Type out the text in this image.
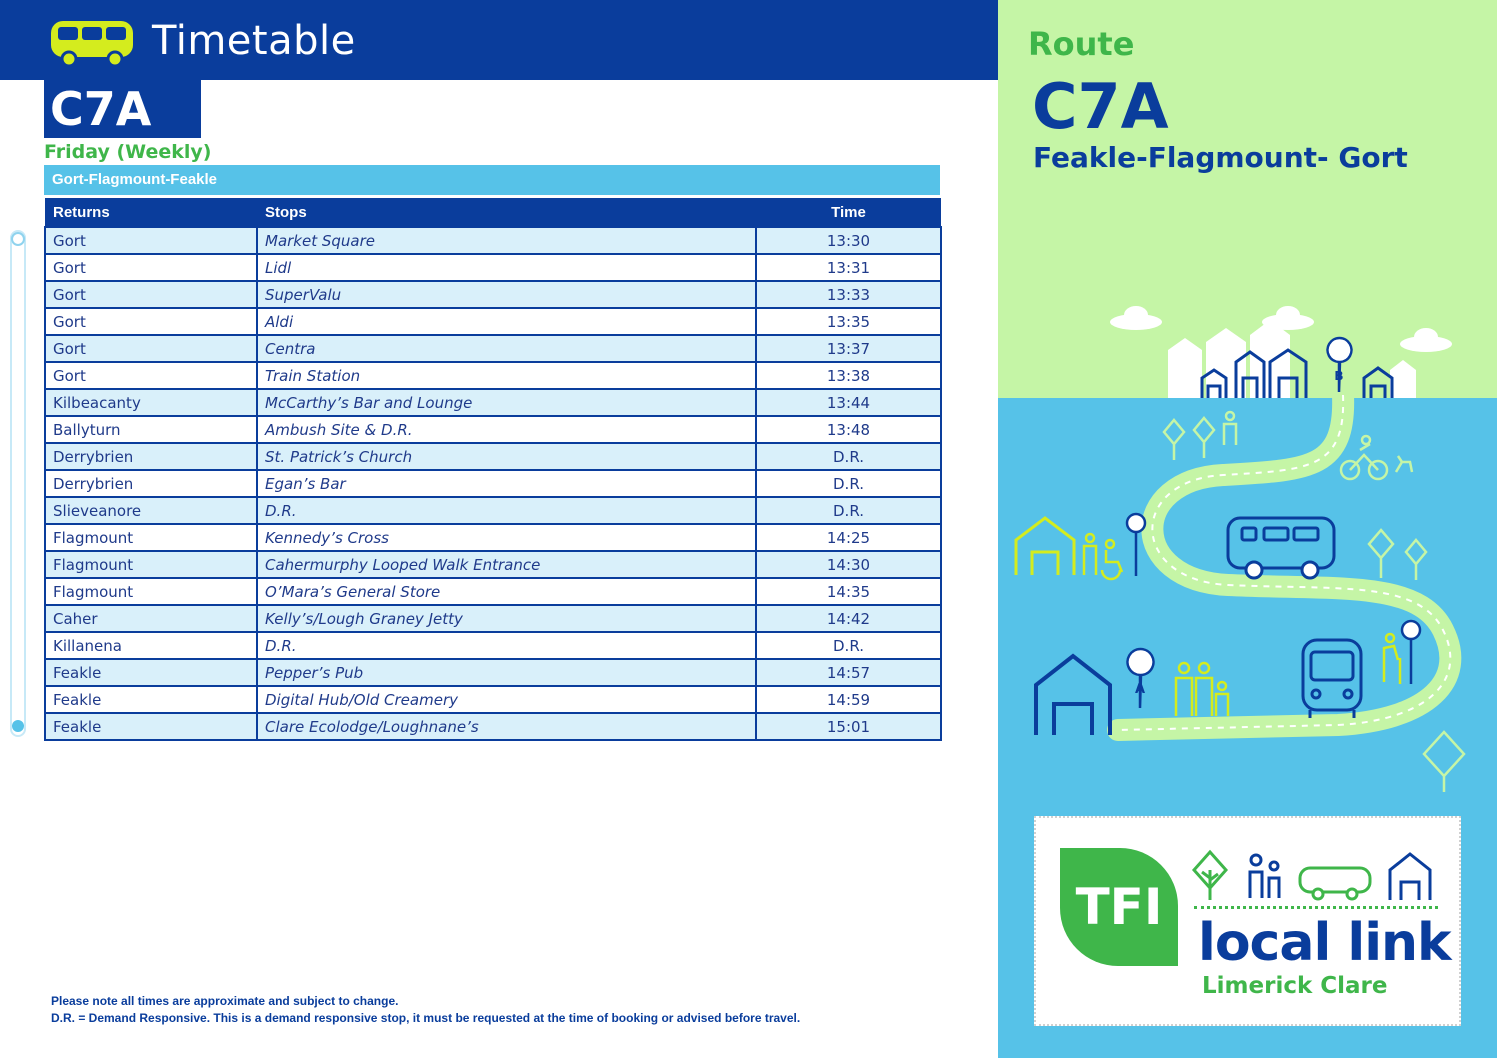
Timetable
C7A
Friday (Weekly)
Gort-Flagmount-Feakle
Returns	Stops	Time
Gort	Market Square	13:30
Gort	Lidl	13:31
Gort	SuperValu	13:33
Gort	Aldi	13:35
Gort	Centra	13:37
Gort	Train Station	13:38
Kilbeacanty	McCarthy’s Bar and Lounge	13:44
Ballyturn	Ambush Site & D.R.	13:48
Derrybrien	St. Patrick’s Church	D.R.
Derrybrien	Egan’s Bar	D.R.
Slieveanore	D.R.	D.R.
Flagmount	Kennedy’s Cross	14:25
Flagmount	Cahermurphy Looped Walk Entrance	14:30
Flagmount	O’Mara’s General Store	14:35
Caher	Kelly’s/Lough Graney Jetty	14:42
Killanena	D.R.	D.R.
Feakle	Pepper’s Pub	14:57
Feakle	Digital Hub/Old Creamery	14:59
Feakle	Clare Ecolodge/Loughnane’s	15:01
Please note all times are approximate and subject to change.
D.R. = Demand Responsive. This is a demand responsive stop, it must be requested at the time of booking or advised before travel.
Route
C7A
Feakle-Flagmount- Gort
B
A
TFI
local link
Limerick Clare
